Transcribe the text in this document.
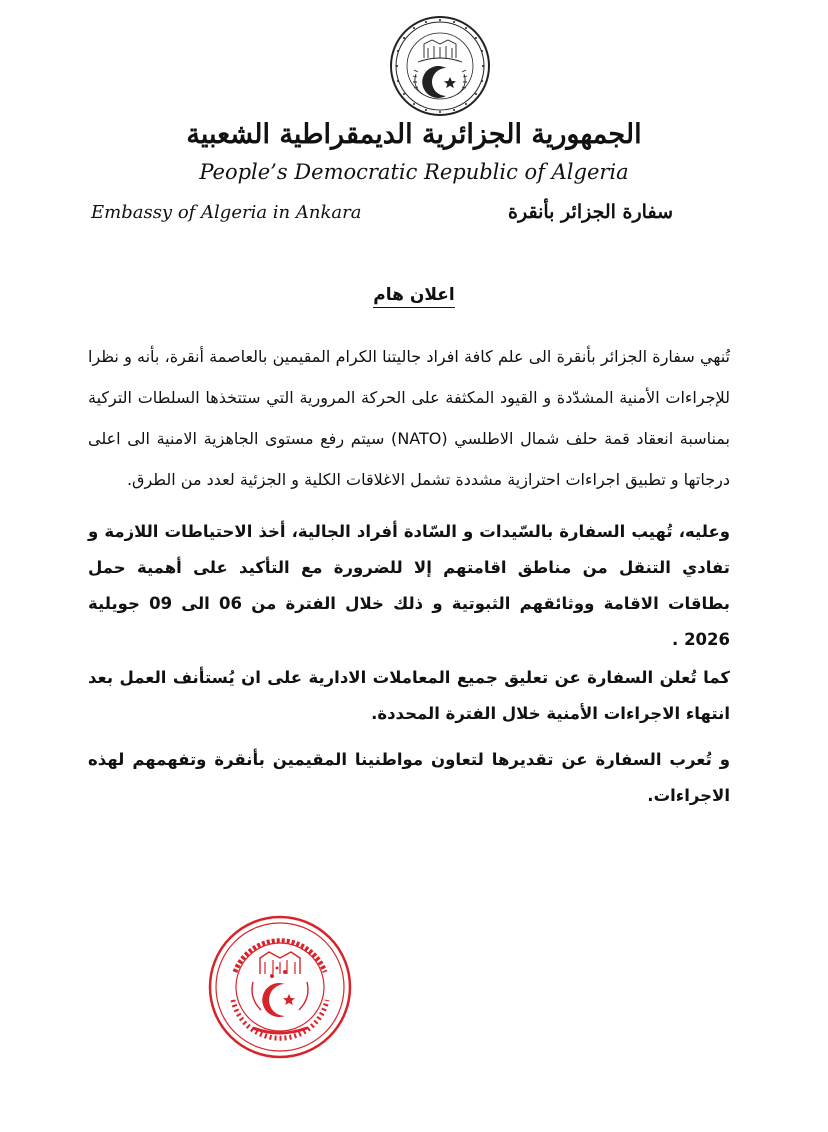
الجمهورية الجزائرية الديمقراطية الشعبية
People’s Democratic Republic of Algeria
Embassy of Algeria in Ankara	سفارة الجزائر بأنقرة
اعلان هام

تُنهي سفارة الجزائر بأنقرة الى علم كافة افراد جاليتنا الكرام المقيمين بالعاصمة أنقرة، بأنه و نظرا للإجراءات الأمنية المشدّدة و القيود المكثفة على الحركة المرورية التي ستتخذها السلطات التركية بمناسبة انعقاد قمة حلف شمال الاطلسي (NATO) سيتم رفع مستوى الجاهزية الامنية الى اعلى درجاتها و تطبيق اجراءات احترازية مشددة تشمل الاغلاقات الكلية و الجزئية لعدد من الطرق.

وعليه، تُهيب السفارة بالسّيدات و السّادة أفراد الجالية، أخذ الاحتياطات اللازمة و تفادي التنقل من مناطق اقامتهم إلا للضرورة مع التأكيد على أهمية حمل بطاقات الاقامة ووثائقهم الثبوتية و ذلك خلال الفترة من 06 الى 09 جويلية 2026 .

كما تُعلن السفارة عن تعليق جميع المعاملات الادارية على ان يُستأنف العمل بعد انتهاء الاجراءات الأمنية خلال الفترة المحددة.

و تُعرب السفارة عن تقديرها لتعاون مواطنينا المقيمين بأنقرة وتفهمهم لهذه الاجراءات.
